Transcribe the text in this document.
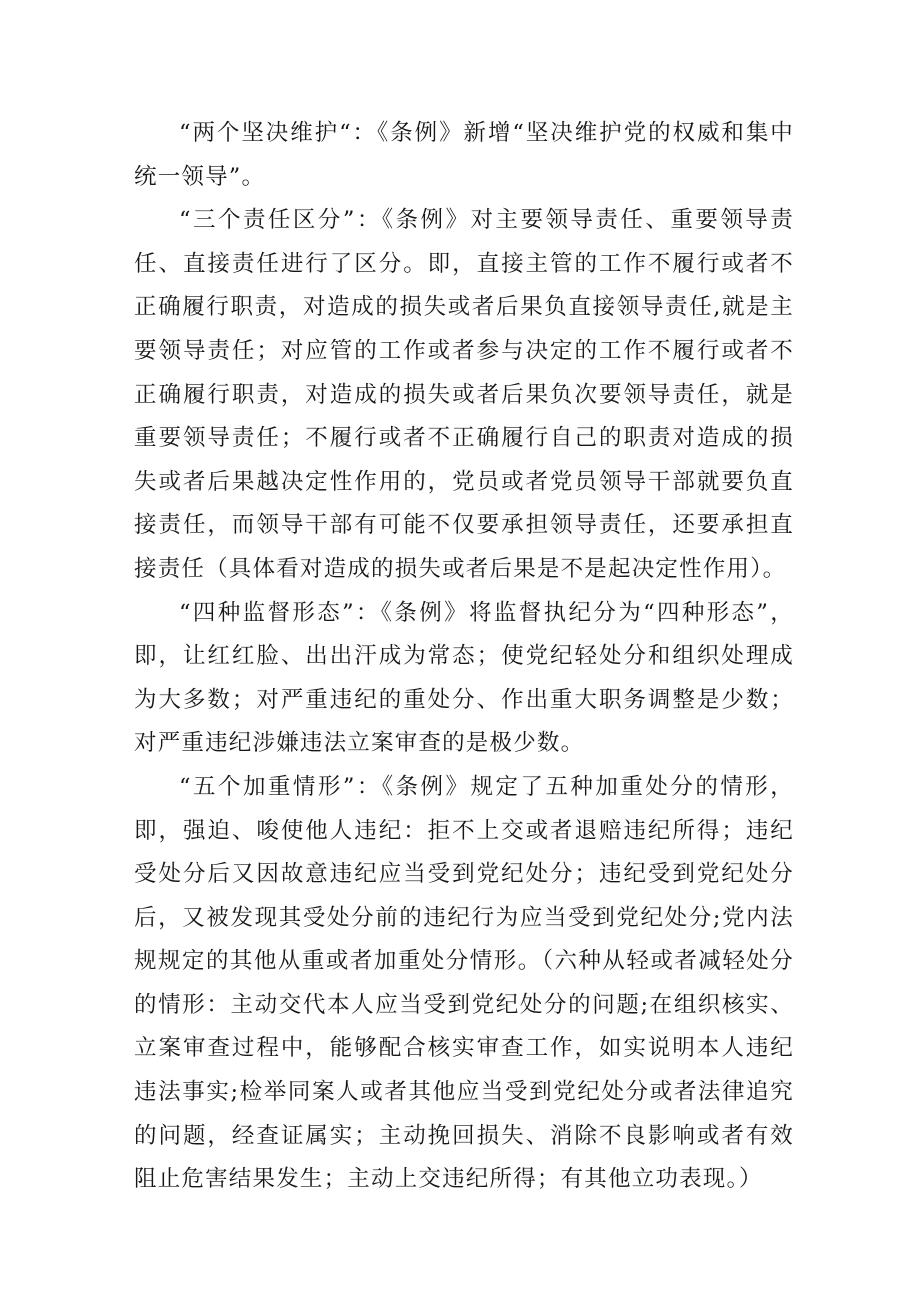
“两个坚决维护“：《条例》新增“坚决维护党的权威和集中统一领导”。

“三个责任区分”：《条例》对主要领导责任、重要领导责任、直接责任进行了区分。即，直接主管的工作不履行或者不正确履行职责，对造成的损失或者后果负直接领导责任,就是主要领导责任；对应管的工作或者参与决定的工作不履行或者不正确履行职责，对造成的损失或者后果负次要领导责任，就是重要领导责任；不履行或者不正确履行自己的职责对造成的损失或者后果越决定性作用的，党员或者党员领导干部就要负直接责任，而领导干部有可能不仅要承担领导责任，还要承担直接责任（具体看对造成的损失或者后果是不是起决定性作用）。

“四种监督形态”：《条例》将监督执纪分为“四种形态”，即，让红红脸、出出汗成为常态；使党纪轻处分和组织处理成为大多数；对严重违纪的重处分、作出重大职务调整是少数；对严重违纪涉嫌违法立案审查的是极少数。

“五个加重情形”：《条例》规定了五种加重处分的情形，即，强迫、唆使他人违纪：拒不上交或者退赔违纪所得；违纪受处分后又因故意违纪应当受到党纪处分；违纪受到党纪处分后，又被发现其受处分前的违纪行为应当受到党纪处分;党内法规规定的其他从重或者加重处分情形。（六种从轻或者减轻处分的情形：主动交代本人应当受到党纪处分的问题;在组织核实、立案审查过程中，能够配合核实审查工作，如实说明本人违纪违法事实;检举同案人或者其他应当受到党纪处分或者法律追究的问题，经查证属实；主动挽回损失、消除不良影响或者有效阻止危害结果发生；主动上交违纪所得；有其他立功表现。）
